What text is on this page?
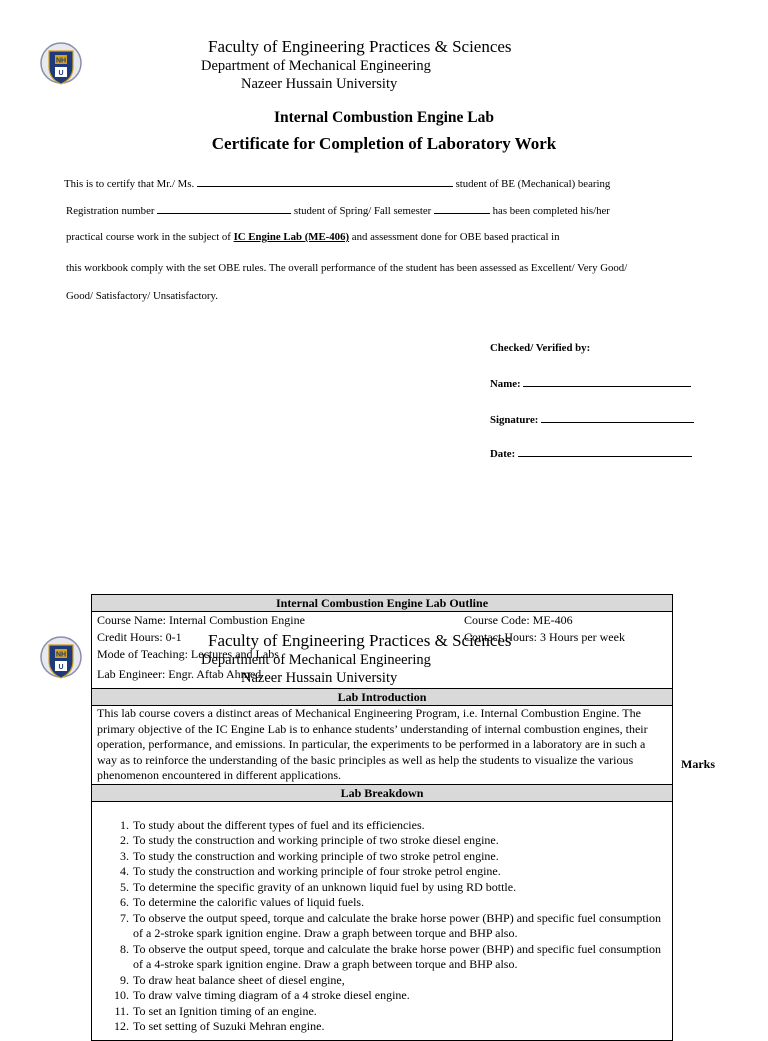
NH
U
Faculty of Engineering Practices & Sciences
Department of Mechanical Engineering
Nazeer Hussain University
Internal Combustion Engine Lab
Certificate for Completion of Laboratory Work
This is to certify that Mr./ Ms.	student of BE (Mechanical) bearing
Registration number	student of Spring/ Fall semester	has been completed his/her
practical course work in the subject of IC Engine Lab (ME-406) and assessment done for OBE based practical in
this workbook comply with the set OBE rules. The overall performance of the student has been assessed as Excellent/ Very Good/
Good/ Satisfactory/ Unsatisfactory.
Checked/ Verified by:
Name:
Signature:
Date:
Internal Combustion Engine Lab Outline
Course Name: Internal Combustion Engine	Course Code: ME-406
Credit Hours: 0-1	Contact Hours: 3 Hours per week
Mode of Teaching: Lectures and Labs
Lab Engineer: Engr. Aftab Ahmed
Lab Introduction
This lab course covers a distinct areas of Mechanical Engineering Program, i.e. Internal Combustion Engine. The primary objective of the IC Engine Lab is to enhance students’ understanding of internal combustion engines, their operation, performance, and emissions. In particular, the experiments to be performed in a laboratory are in such a way as to reinforce the understanding of the basic principles as well as help the students to visualize the various phenomenon encountered in different applications.
Lab Breakdown
1. To study about the different types of fuel and its efficiencies.
2. To study the construction and working principle of two stroke diesel engine.
3. To study the construction and working principle of two stroke petrol engine.
4. To study the construction and working principle of four stroke petrol engine.
5. To determine the specific gravity of an unknown liquid fuel by using RD bottle.
6. To determine the calorific values of liquid fuels.
7. To observe the output speed, torque and calculate the brake horse power (BHP) and specific fuel consumption of a 2-stroke spark ignition engine. Draw a graph between torque and BHP also.
8. To observe the output speed, torque and calculate the brake horse power (BHP) and specific fuel consumption of a 4-stroke spark ignition engine. Draw a graph between torque and BHP also.
9. To draw heat balance sheet of diesel engine,
10. To draw valve timing diagram of a 4 stroke diesel engine.
11. To set an Ignition timing of an engine.
12. To set setting of Suzuki Mehran engine.
NH
U
Faculty of Engineering Practices & Sciences
Department of Mechanical Engineering
Nazeer Hussain University
Marks
